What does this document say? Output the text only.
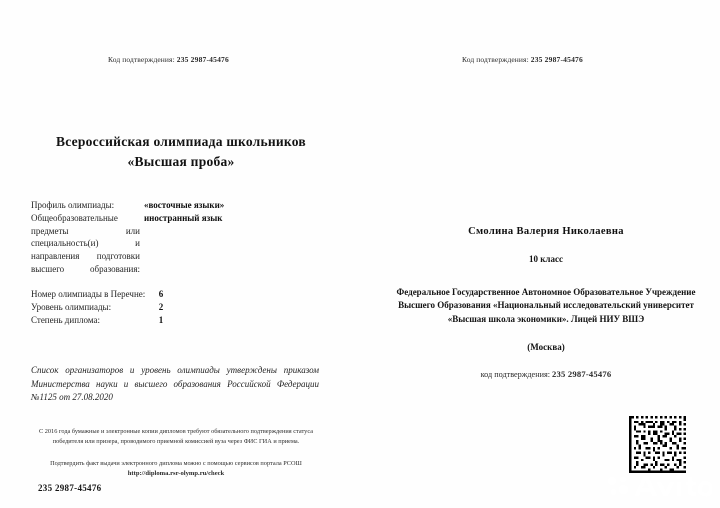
Код подтверждения: 235 2987-45476	Код подтверждения: 235 2987-45476
Всероссийская олимпиада школьников «Высшая проба»
Профиль олимпиады:	«восточные языки»
Общеобразовательные предметы или специальность(и) и направления подготовки высшего образования:
иностранный язык
Номер олимпиады в Перечне:	6
Уровень олимпиады:	2
Степень диплома:	1
Список организаторов и уровень олимпиады утверждены приказом Министерства науки и высшего образования Российской Федерации №1125 от 27.08.2020
С 2016 года бумажные и электронные копии дипломов требуют обязательного подтверждения статуса победителя или призера, проводимого приемной комиссией вуза через ФИС ГИА и приема.
Подтвердить факт выдачи электронного диплома можно с помощью сервисов портала РСОШ http://diploma.rsr-olymp.ru/check
235 2987-45476
Смолина Валерия Николаевна
10 класс
Федеральное Государственное Автономное Образовательное Учреждение Высшего Образования «Национальный исследовательский университет «Высшая школа экономики». Лицей НИУ ВШЭ
(Москва)
код подтверждения: 235 2987-45476
